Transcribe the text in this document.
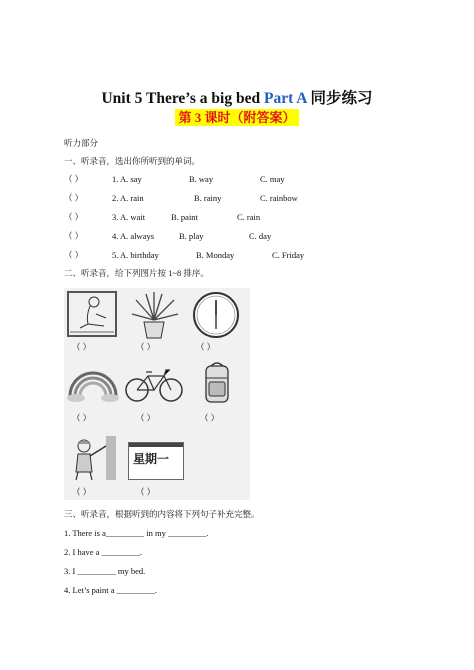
Unit 5 There’s a big bed Part A 同步练习
第 3 课时（附答案）
听力部分
一、听录音，选出你所听到的单词。
（ ）	1. A. say	B. way	C. may
（ ）	2. A. rain	B. rainy	C. rainbow
（ ）	3. A. wait	B. paint	C. rain
（ ）	4. A. always	B. play	C. day
（ ）	5. A. birthday	B. Monday	C. Friday
二、听录音，给下列图片按 1~8 排序。
（ ）	（ ）	（ ）
（ ）	（ ）	（ ）
星期一
（ ）	（ ）
三、听录音，根据听到的内容将下列句子补充完整。
1. There is a_________ in my _________.
2. I have a _________.
3. I _________ my bed.
4. Let’s paint a _________.
